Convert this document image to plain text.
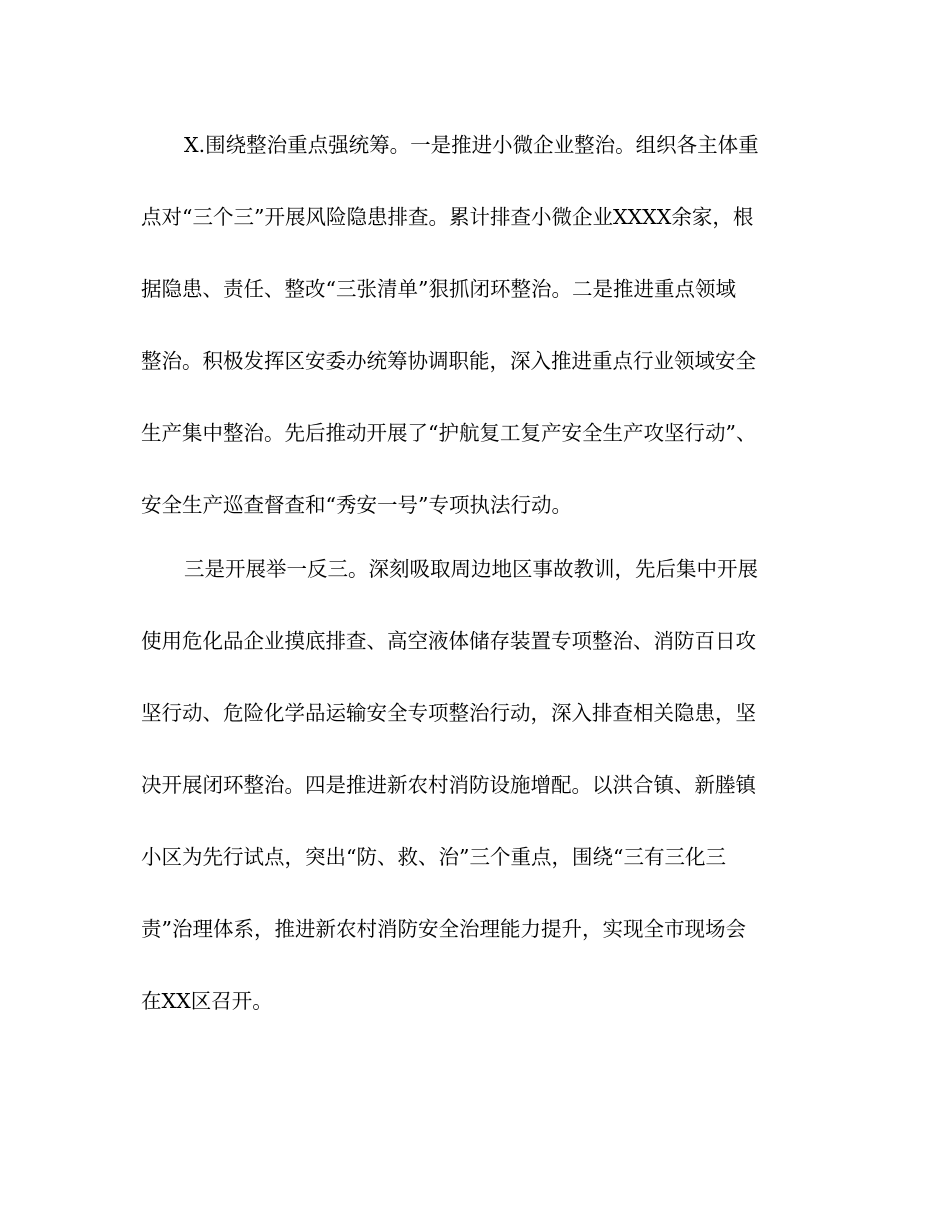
X.围绕整治重点强统筹。一是推进小微企业整治。组织各主体重
点对“三个三”开展风险隐患排查。累计排查小微企业XXXX余家，根
据隐患、责任、整改“三张清单”狠抓闭环整治。二是推进重点领域
整治。积极发挥区安委办统筹协调职能，深入推进重点行业领域安全
生产集中整治。先后推动开展了“护航复工复产安全生产攻坚行动”、
安全生产巡查督查和“秀安一号”专项执法行动。
三是开展举一反三。深刻吸取周边地区事故教训，先后集中开展
使用危化品企业摸底排查、高空液体储存装置专项整治、消防百日攻
坚行动、危险化学品运输安全专项整治行动，深入排查相关隐患，坚
决开展闭环整治。四是推进新农村消防设施增配。以洪合镇、新塍镇
小区为先行试点，突出“防、救、治”三个重点，围绕“三有三化三
责”治理体系，推进新农村消防安全治理能力提升，实现全市现场会
在XX区召开。
